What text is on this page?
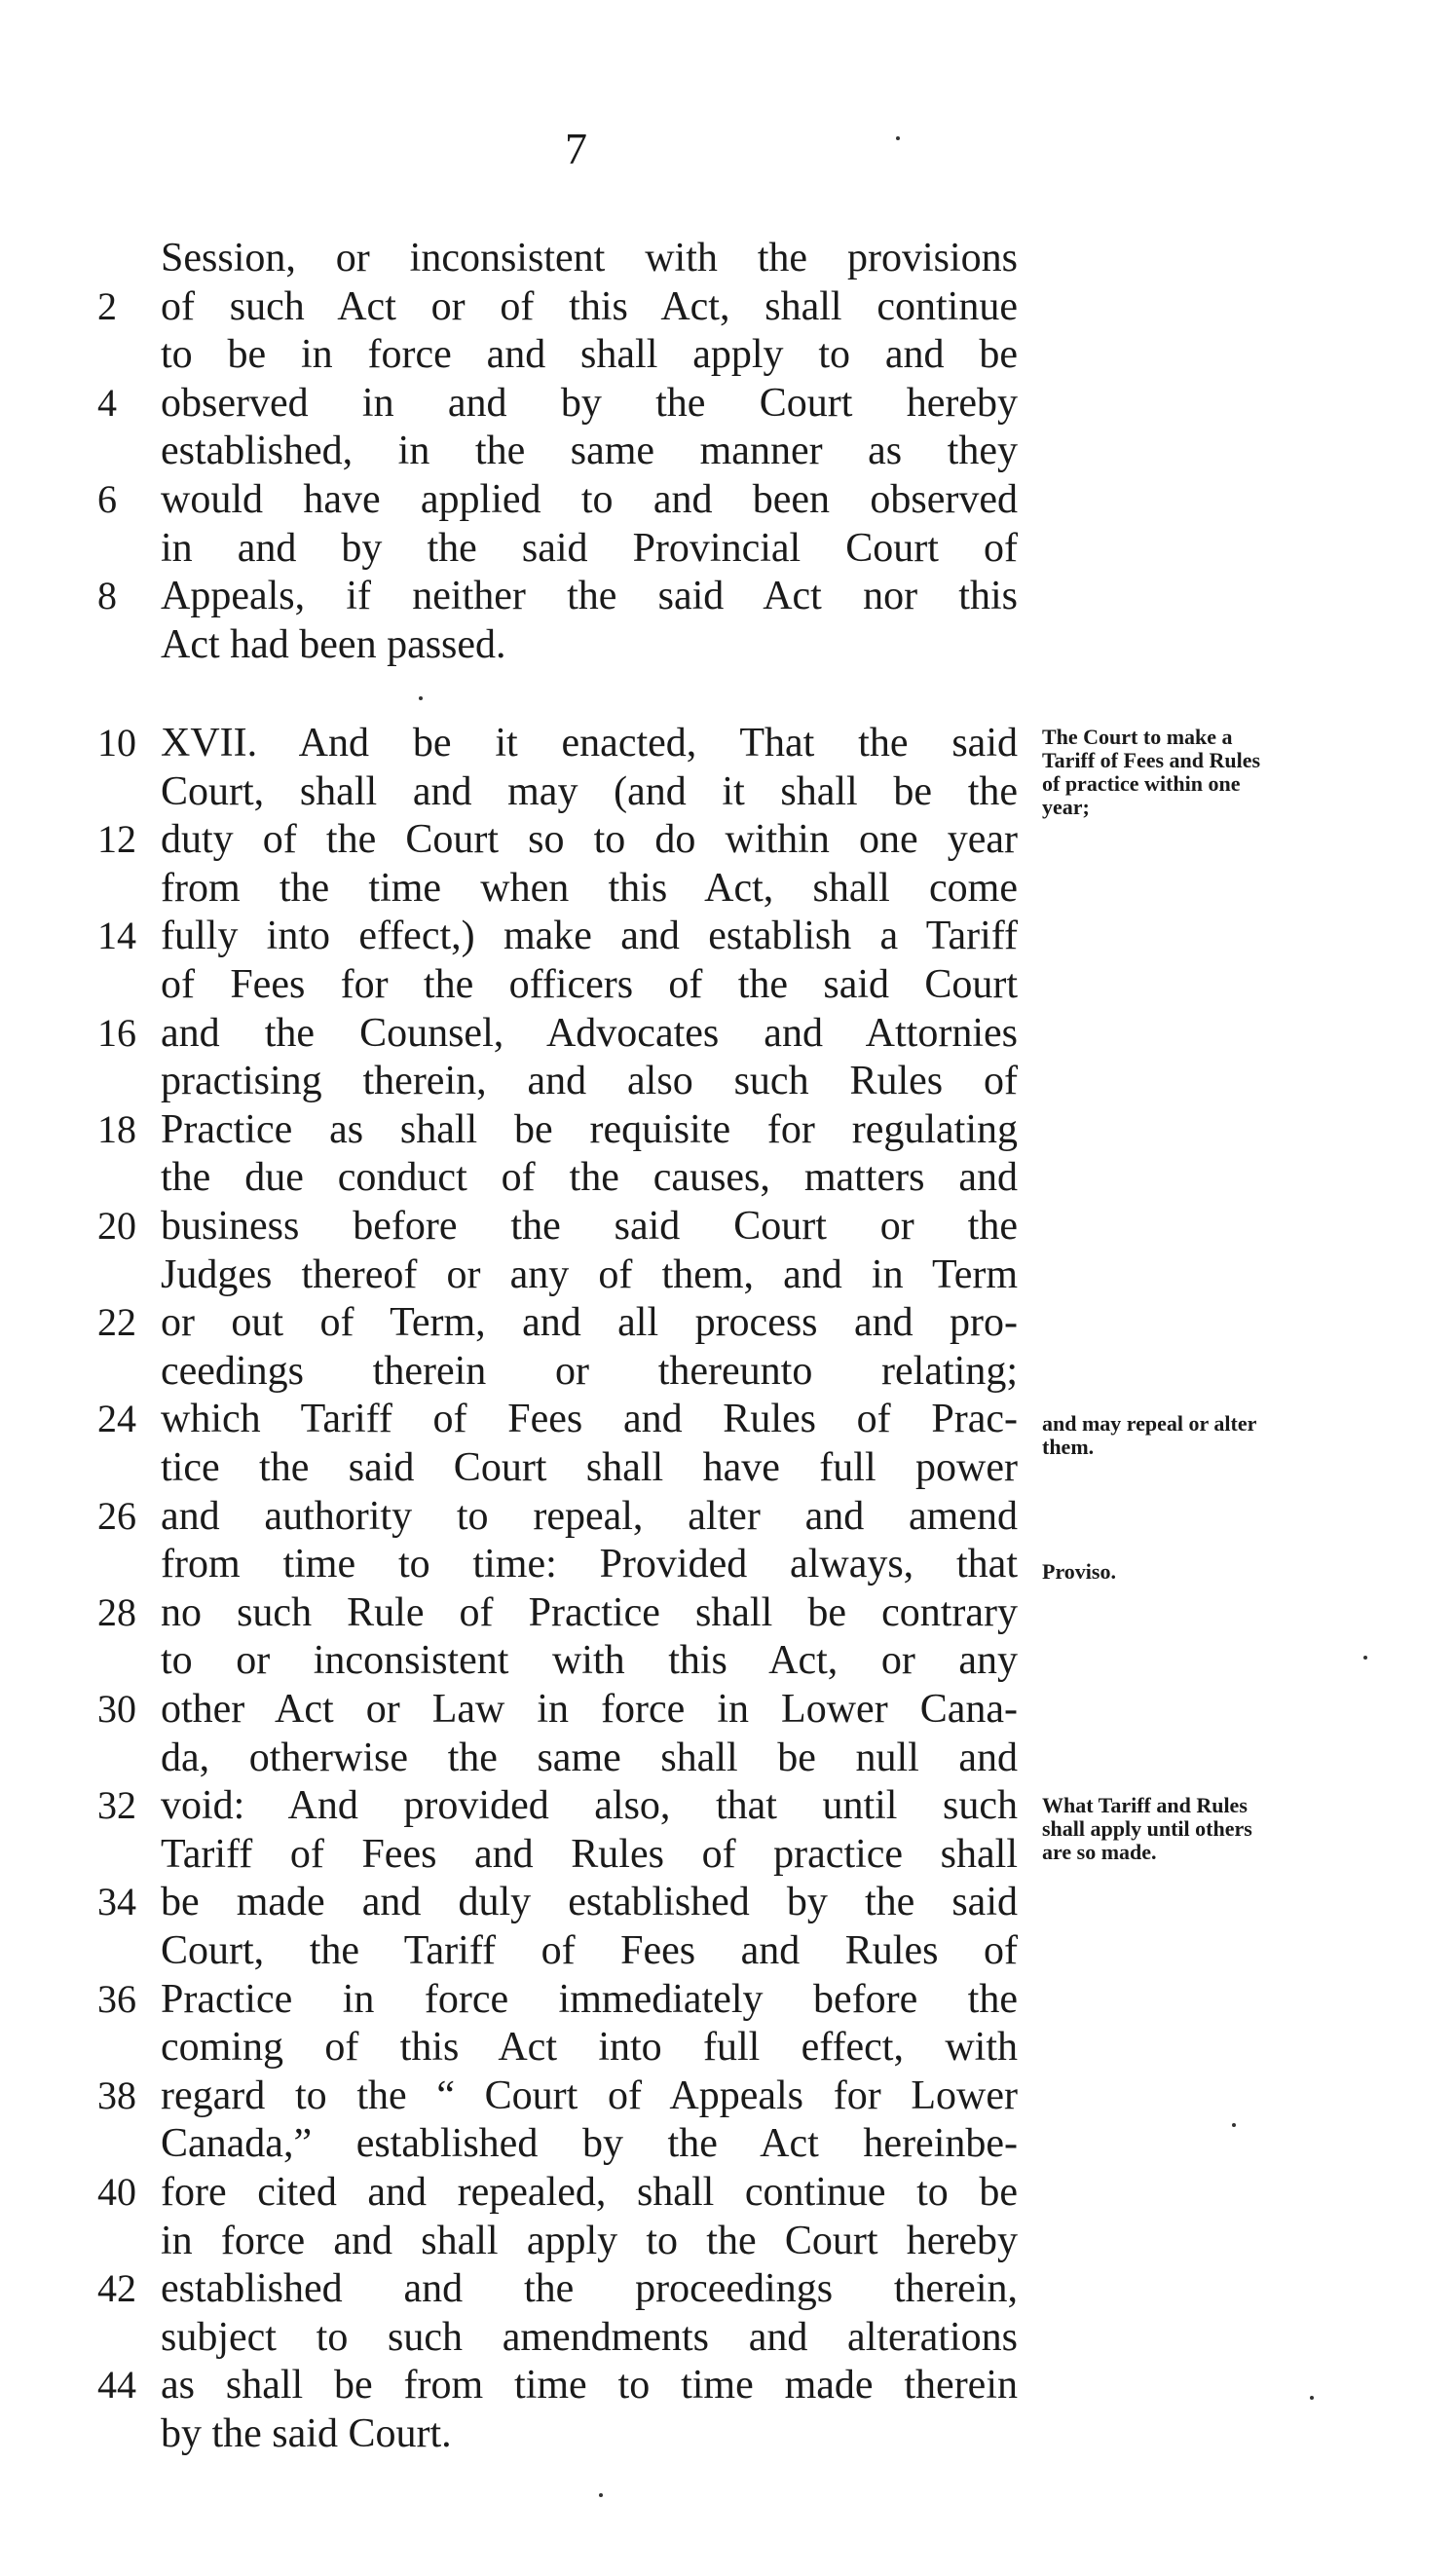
7
Session, or inconsistent with the provisions
2 of such Act or of this Act, shall continue
to be in force and shall apply to and be
4 observed in and by the Court hereby
established, in the same manner as they
6 would have applied to and been observed
in and by the said Provincial Court of
8 Appeals, if neither the said Act nor this
Act had been passed.
10 XVII. And be it enacted, That the said
Court, shall and may (and it shall be the
12 duty of the Court so to do within one year
from the time when this Act, shall come
14 fully into effect,) make and establish a Tariff
of Fees for the officers of the said Court
16 and the Counsel, Advocates and Attornies
practising therein, and also such Rules of
18 Practice as shall be requisite for regulating
the due conduct of the causes, matters and
20 business before the said Court or the
Judges thereof or any of them, and in Term
22 or out of Term, and all process and pro-
ceedings therein or thereunto relating;
24 which Tariff of Fees and Rules of Prac-
tice the said Court shall have full power
26 and authority to repeal, alter and amend
from time to time: Provided always, that
28 no such Rule of Practice shall be contrary
to or inconsistent with this Act, or any
30 other Act or Law in force in Lower Cana-
da, otherwise the same shall be null and
32 void: And provided also, that until such
Tariff of Fees and Rules of practice shall
34 be made and duly established by the said
Court, the Tariff of Fees and Rules of
36 Practice in force immediately before the
coming of this Act into full effect, with
38 regard to the “ Court of Appeals for Lower
Canada,” established by the Act hereinbe-
40 fore cited and repealed, shall continue to be
in force and shall apply to the Court hereby
42 established and the proceedings therein,
subject to such amendments and alterations
44 as shall be from time to time made therein
by the said Court.
The Court to make a Tariff of Fees and Rules of practice within one year;
and may repeal or alter them.
Proviso.
What Tariff and Rules shall apply until others are so made.
